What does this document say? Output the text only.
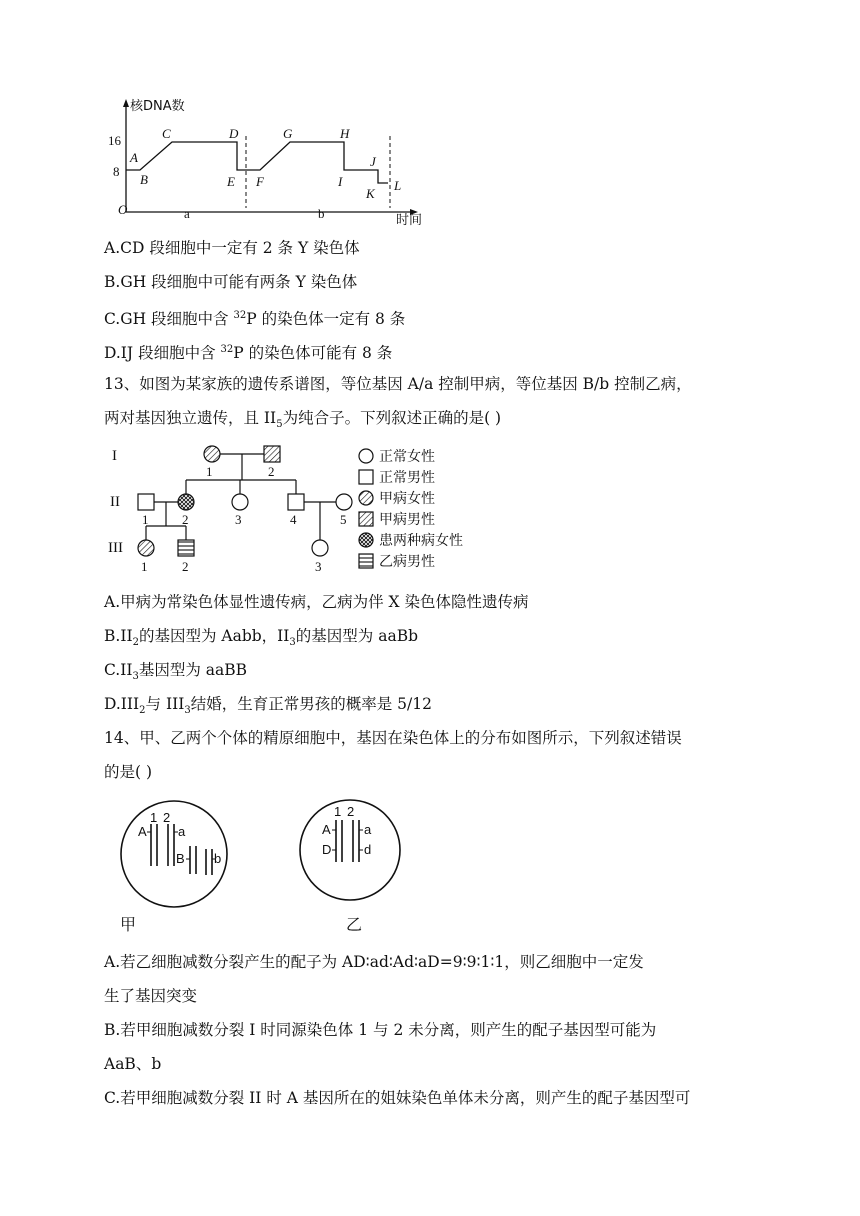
核DNA数
时间
O
16
8
A
B
C	D
E F
G	H
I
J
K
L
a	b
A.CD 段细胞中一定有 2 条 Y 染色体
B.GH 段细胞中可能有两条 Y 染色体
C.GH 段细胞中含 $^{32}$P 的染色体一定有 8 条
D.IJ 段细胞中含 $^{32}$P 的染色体可能有 8 条
13、如图为某家族的遗传系谱图，等位基因 A/a 控制甲病，等位基因 B/b 控制乙病，
两对基因独立遗传，且 $II_5$为纯合子。下列叙述正确的是( )
I
II
III
1	2
1	2	3	4	5
1	2	3
正常女性
正常男性
甲病女性
甲病男性
患两种病女性
乙病男性
A.甲病为常染色体显性遗传病，乙病为伴 X 染色体隐性遗传病
$B.II_2$的基因型为 Aabb，$II_3$的基因型为 aaBb
$C.II_3$基因型为 aaBB
$D.III_2$与 $III_3$结婚，生育正常男孩的概率是 5/12
14、甲、乙两个个体的精原细胞中，基因在染色体上的分布如图所示，下列叙述错误
的是( )
1 2
A a
B b
甲
1 2
A
D
a
d
乙
A.若乙细胞减数分裂产生的配子为 AD∶ad∶Ad∶aD=9∶9∶1∶1，则乙细胞中一定发
生了基因突变
B.若甲细胞减数分裂 I 时同源染色体 1 与 2 未分离，则产生的配子基因型可能为
AaB、b
C.若甲细胞减数分裂 II 时 A 基因所在的姐妹染色单体未分离，则产生的配子基因型可
